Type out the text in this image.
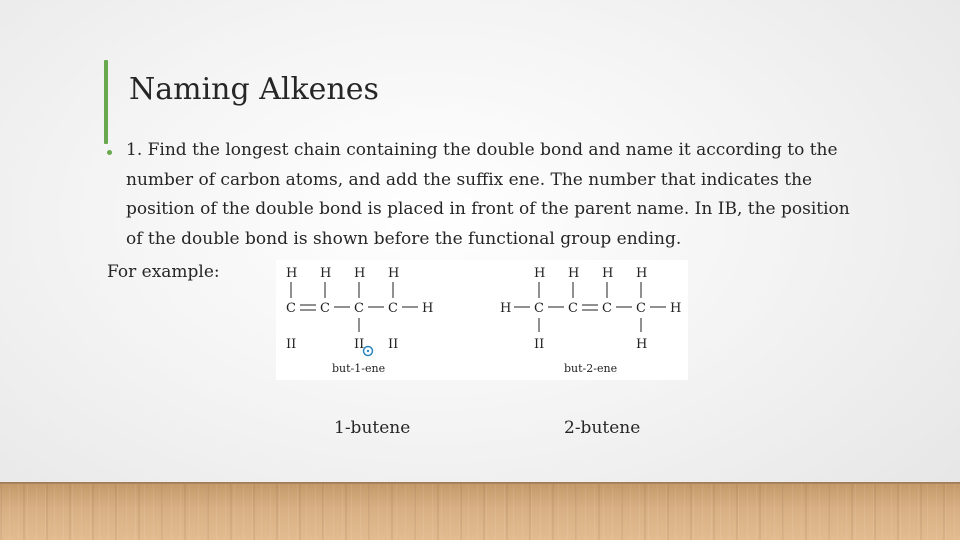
Naming Alkenes
1. Find the longest chain containing the double bond and name it according to the number of carbon atoms, and add the suffix ene. The number that indicates the position of the double bond is placed in front of the parent name. In IB, the position of the double bond is shown before the functional group ending.
For example:	H H H H
C C C C H
II	II II
but-1-ene
H H H H
H C C C C H
II	H
but-2-ene
1-butene	2-butene
